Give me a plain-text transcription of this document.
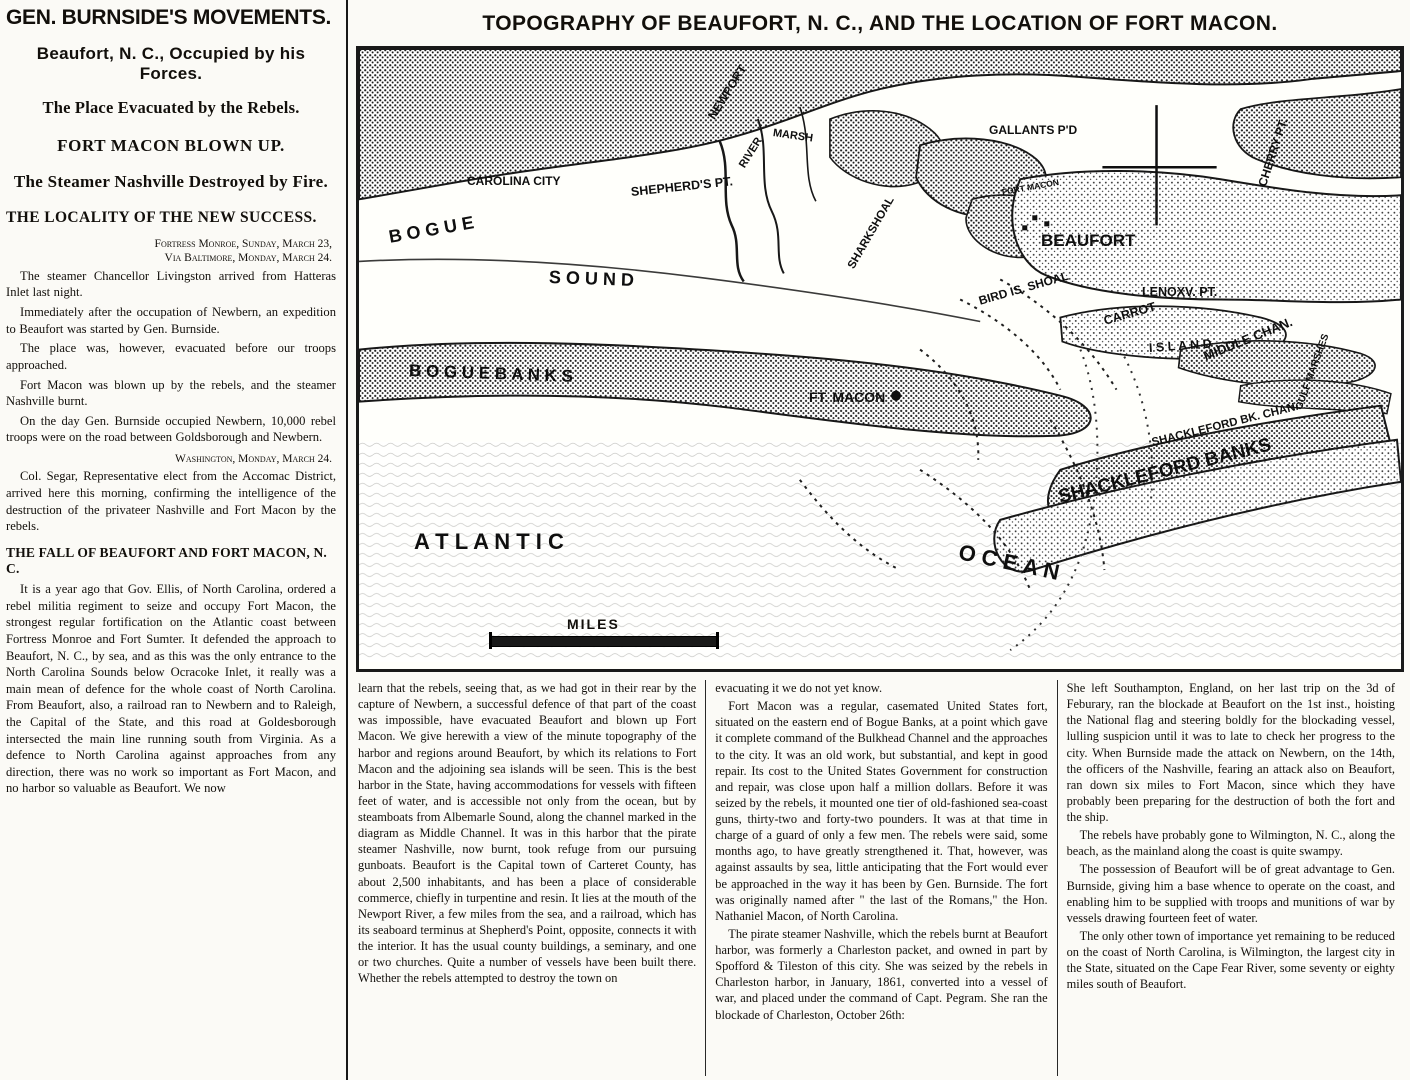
GEN. BURNSIDE'S MOVEMENTS.
Beaufort, N. C., Occupied by his Forces.
The Place Evacuated by the Rebels.
FORT MACON BLOWN UP.
The Steamer Nashville Destroyed by Fire.
THE LOCALITY OF THE NEW SUCCESS.
Fortress Monroe, Sunday, March 23,
Via Baltimore, Monday, March 24.

The steamer Chancellor Livingston arrived from Hatteras Inlet last night.

Immediately after the occupation of Newbern, an expedition to Beaufort was started by Gen. Burnside.

The place was, however, evacuated before our troops approached.

Fort Macon was blown up by the rebels, and the steamer Nashville burnt.

On the day Gen. Burnside occupied Newbern, 10,000 rebel troops were on the road between Goldsborough and Newbern.

Washington, Monday, March 24.

Col. Segar, Representative elect from the Accomac District, arrived here this morning, confirming the intelligence of the destruction of the privateer Nashville and Fort Macon by the rebels.

THE FALL OF BEAUFORT AND FORT MACON, N. C.

It is a year ago that Gov. Ellis, of North Carolina, ordered a rebel militia regiment to seize and occupy Fort Macon, the strongest regular fortification on the Atlantic coast between Fortress Monroe and Fort Sumter. It defended the approach to Beaufort, N. C., by sea, and as this was the only entrance to the North Carolina Sounds below Ocracoke Inlet, it really was a main mean of defence for the whole coast of North Carolina. From Beaufort, also, a railroad ran to Newbern and to Raleigh, the Capital of the State, and this road at Goldesborough intersected the main line running south from Virginia. As a defence to North Carolina against approaches from any direction, there was no work so important as Fort Macon, and no harbor so valuable as Beaufort. We now

TOPOGRAPHY OF BEAUFORT, N. C., AND THE LOCATION OF FORT MACON.
CAROLINA CITY	SHEPHERD'S PT.
NEWPORT
RIVER MARSH	GALLANTS P'D
FORT MACON
BEAUFORT
CHERRY PT.
LENOXV. PT.
CARROT
I S L A N D
MIDDLE CHAN. GULF MARSHES
SHACKLEFORD BK. CHAN.
SHACKLEFORD BANKS
SHARKSHOAL
BIRD IS. SHOAL
FT. MACON
B O G U E
S O U N D
B O G U E B A N K S
A T L A N T I C	O C E A N
MILES

learn that the rebels, seeing that, as we had got in their rear by the capture of Newbern, a successful defence of that part of the coast was impossible, have evacuated Beaufort and blown up Fort Macon. We give herewith a view of the minute topography of the harbor and regions around Beaufort, by which its relations to Fort Macon and the adjoining sea islands will be seen. This is the best harbor in the State, having accommodations for vessels with fifteen feet of water, and is accessible not only from the ocean, but by steamboats from Albemarle Sound, along the channel marked in the diagram as Middle Channel. It was in this harbor that the pirate steamer Nashville, now burnt, took refuge from our pursuing gunboats. Beaufort is the Capital town of Carteret County, has about 2,500 inhabitants, and has been a place of considerable commerce, chiefly in turpentine and resin. It lies at the mouth of the Newport River, a few miles from the sea, and a railroad, which has its seaboard terminus at Shepherd's Point, opposite, connects it with the interior. It has the usual county buildings, a seminary, and one or two churches. Quite a number of vessels have been built there. Whether the rebels attempted to destroy the town on

evacuating it we do not yet know.

Fort Macon was a regular, casemated United States fort, situated on the eastern end of Bogue Banks, at a point which gave it complete command of the Bulkhead Channel and the approaches to the city. It was an old work, but substantial, and kept in good repair. Its cost to the United States Government for construction and repair, was close upon half a million dollars. Before it was seized by the rebels, it mounted one tier of old-fashioned sea-coast guns, thirty-two and forty-two pounders. It was at that time in charge of a guard of only a few men. The rebels were said, some months ago, to have greatly strengthened it. That, however, was against assaults by sea, little anticipating that the Fort would ever be approached in the way it has been by Gen. Burnside. The fort was originally named after " the last of the Romans," the Hon. Nathaniel Macon, of North Carolina.

The pirate steamer Nashville, which the rebels burnt at Beaufort harbor, was formerly a Charleston packet, and owned in part by Spofford & Tileston of this city. She was seized by the rebels in Charleston harbor, in January, 1861, converted into a vessel of war, and placed under the command of Capt. Pegram. She ran the blockade of Charleston, October 26th:

She left Southampton, England, on her last trip on the 3d of Feburary, ran the blockade at Beaufort on the 1st inst., hoisting the National flag and steering boldly for the blockading vessel, lulling suspicion until it was to late to check her progress to the city. When Burnside made the attack on Newbern, on the 14th, the officers of the Nashville, fearing an attack also on Beaufort, ran down six miles to Fort Macon, since which they have probably been preparing for the destruction of both the fort and the ship.

The rebels have probably gone to Wilmington, N. C., along the beach, as the mainland along the coast is quite swampy.

The possession of Beaufort will be of great advantage to Gen. Burnside, giving him a base whence to operate on the coast, and enabling him to be supplied with troops and munitions of war by vessels drawing fourteen feet of water.

The only other town of importance yet remaining to be reduced on the coast of North Carolina, is Wilmington, the largest city in the State, situated on the Cape Fear River, some seventy or eighty miles south of Beaufort.
